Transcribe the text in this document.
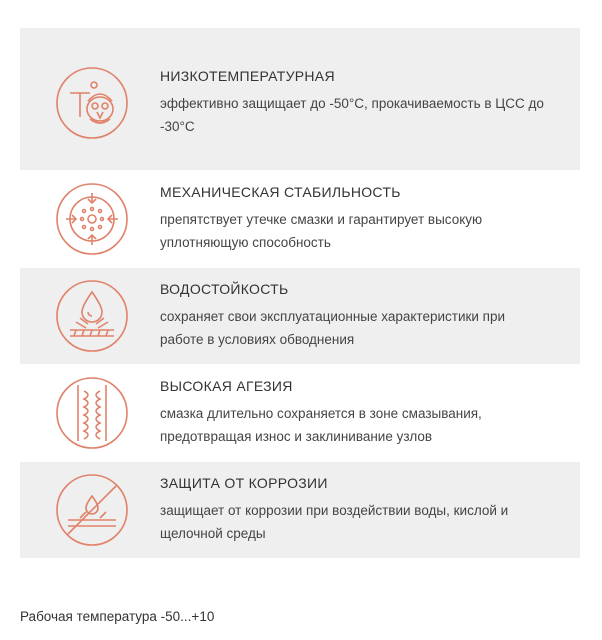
НИЗКОТЕМПЕРАТУРНАЯ
эффективно защищает до -50°С, прокачиваемость в ЦСС до
-30°С
МЕХАНИЧЕСКАЯ СТАБИЛЬНОСТЬ
препятствует утечке смазки и гарантирует высокую
уплотняющую способность
ВОДОСТОЙКОСТЬ
сохраняет свои эксплуатационные характеристики при
работе в условиях обводнения
ВЫСОКАЯ АГЕЗИЯ
смазка длительно сохраняется в зоне смазывания,
предотвращая износ и заклинивание узлов
ЗАЩИТА ОТ КОРРОЗИИ
защищает от коррозии при воздействии воды, кислой и
щелочной среды
Рабочая температура -50...+10
